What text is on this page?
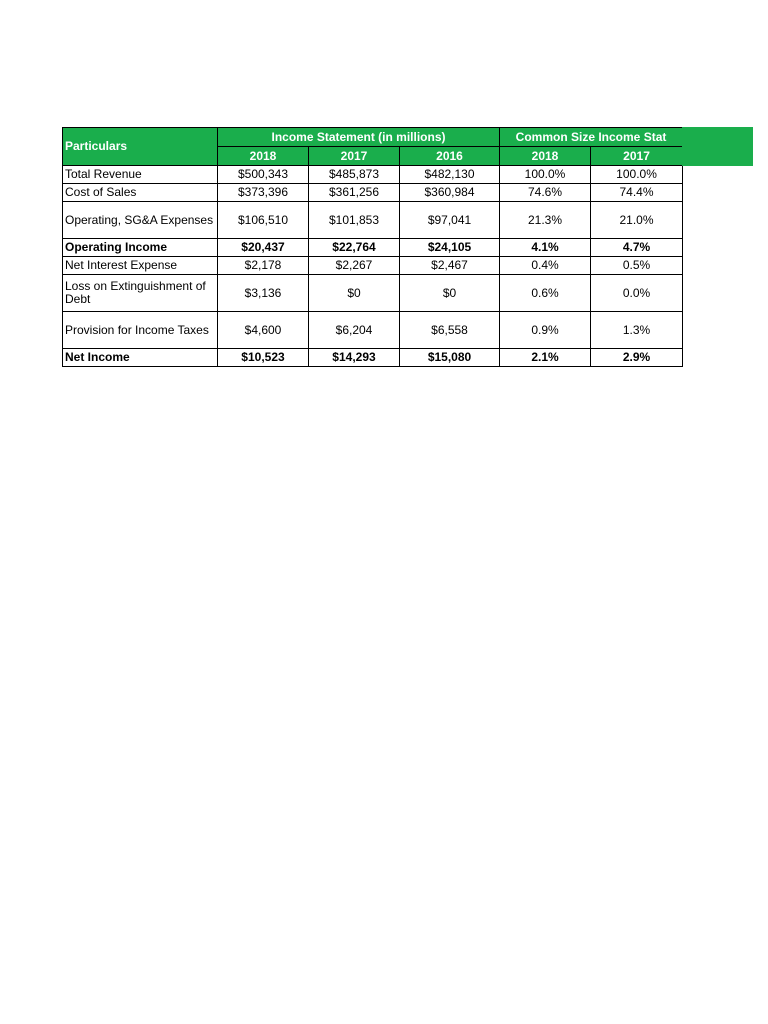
Particulars	Income Statement (in millions)			Common Size Income Stat	
	2018	2017	2016	2018	2017
Total Revenue	$500,343	$485,873	$482,130	100.0%	100.0%
Cost of Sales	$373,396	$361,256	$360,984	74.6%	74.4%
Operating, SG&A Expenses	$106,510	$101,853	$97,041	21.3%	21.0%
Operating Income	$20,437	$22,764	$24,105	4.1%	4.7%
Net Interest Expense	$2,178	$2,267	$2,467	0.4%	0.5%
Loss on Extinguishment of Debt	$3,136	$0	$0	0.6%	0.0%
Provision for Income Taxes	$4,600	$6,204	$6,558	0.9%	1.3%
Net Income	$10,523	$14,293	$15,080	2.1%	2.9%
